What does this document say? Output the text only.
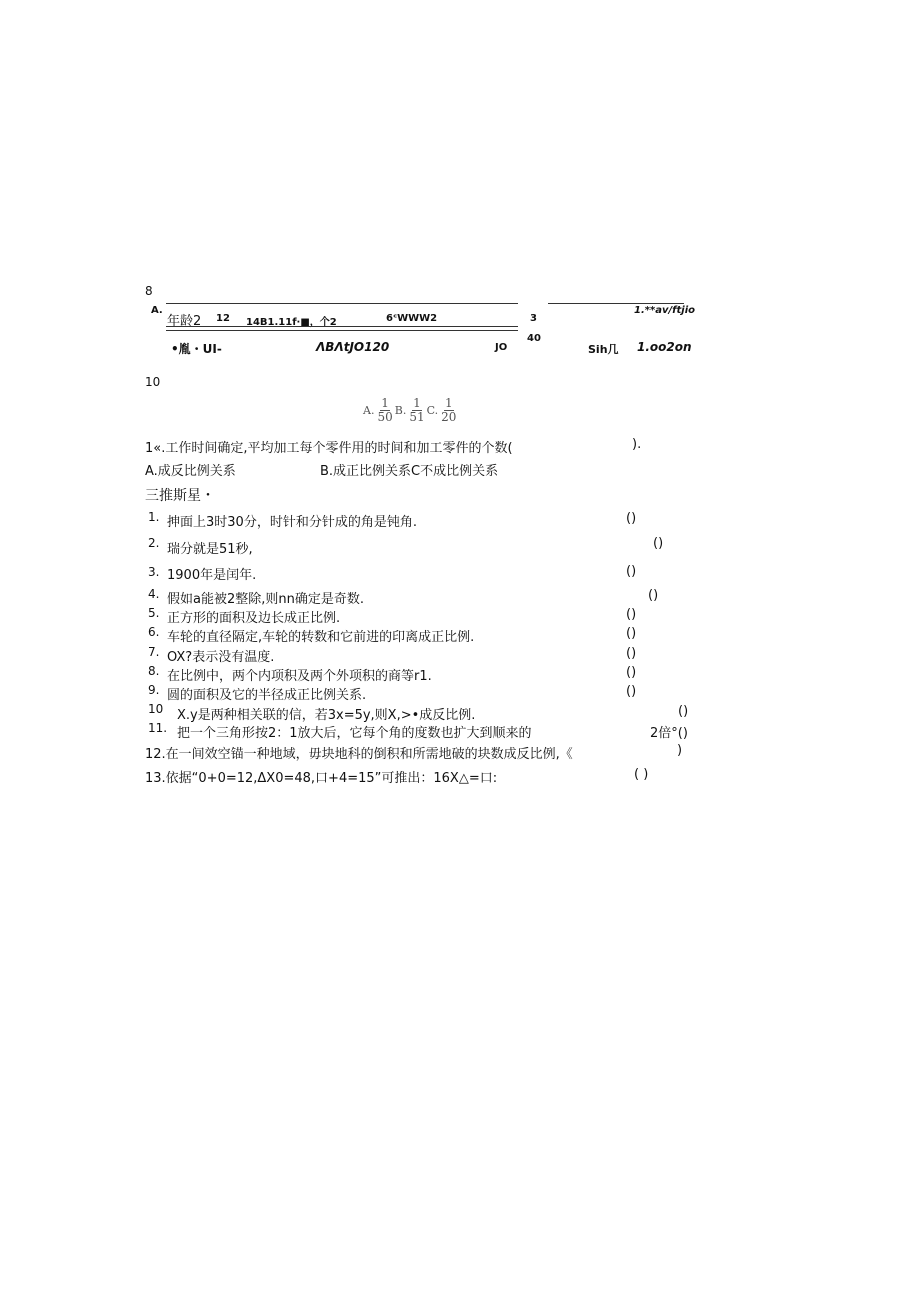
8
A.
年龄2 12 14B1.11f·■，个2	6ᶜWWW2	3
1.**av/ftjio
•胤・UI-	ΛBΛtJO120	JO
40
Sih几 1.oo2on
10
A. $\frac{1}{50} B$. $\frac{1}{51} C$. $\frac{1}{20}$
1«.工作时间确定,平均加工每个零件用的时间和加工零件的个数(	).
A.成反比例关系	B.成正比例关系C不成比例关系
三推斯星・
1. 抻面上3时30分，时针和分针成的角是钝角.	()
2. 瑞分就是51秒,	()
3. 1900年是闰年.	()
4. 假如a能被2整除,则nn确定是奇数.	()
5. 正方形的面积及边长成正比例.	()
6. 车轮的直径隔定,车轮的转数和它前进的印离成正比例.	()
7. OX?表示没有温度.	()
8. 在比例中，两个内项积及两个外项积的商等r1.	()
9. 圆的面积及它的半径成正比例关系.	()
10 X.y是两种相关联的信，若3x=5y,则X,>•成反比例.	()
11. 把一个三角形按2：1放大后，它每个角的度数也扩大到顺来的	2倍°()
12.在一间效空锚一种地域，毋块地科的倒积和所需地破的块数成反比例,《	)
13.依据“0+0=12,ΔX0=48,口+4=15”可推出：16X△=口:	( )
